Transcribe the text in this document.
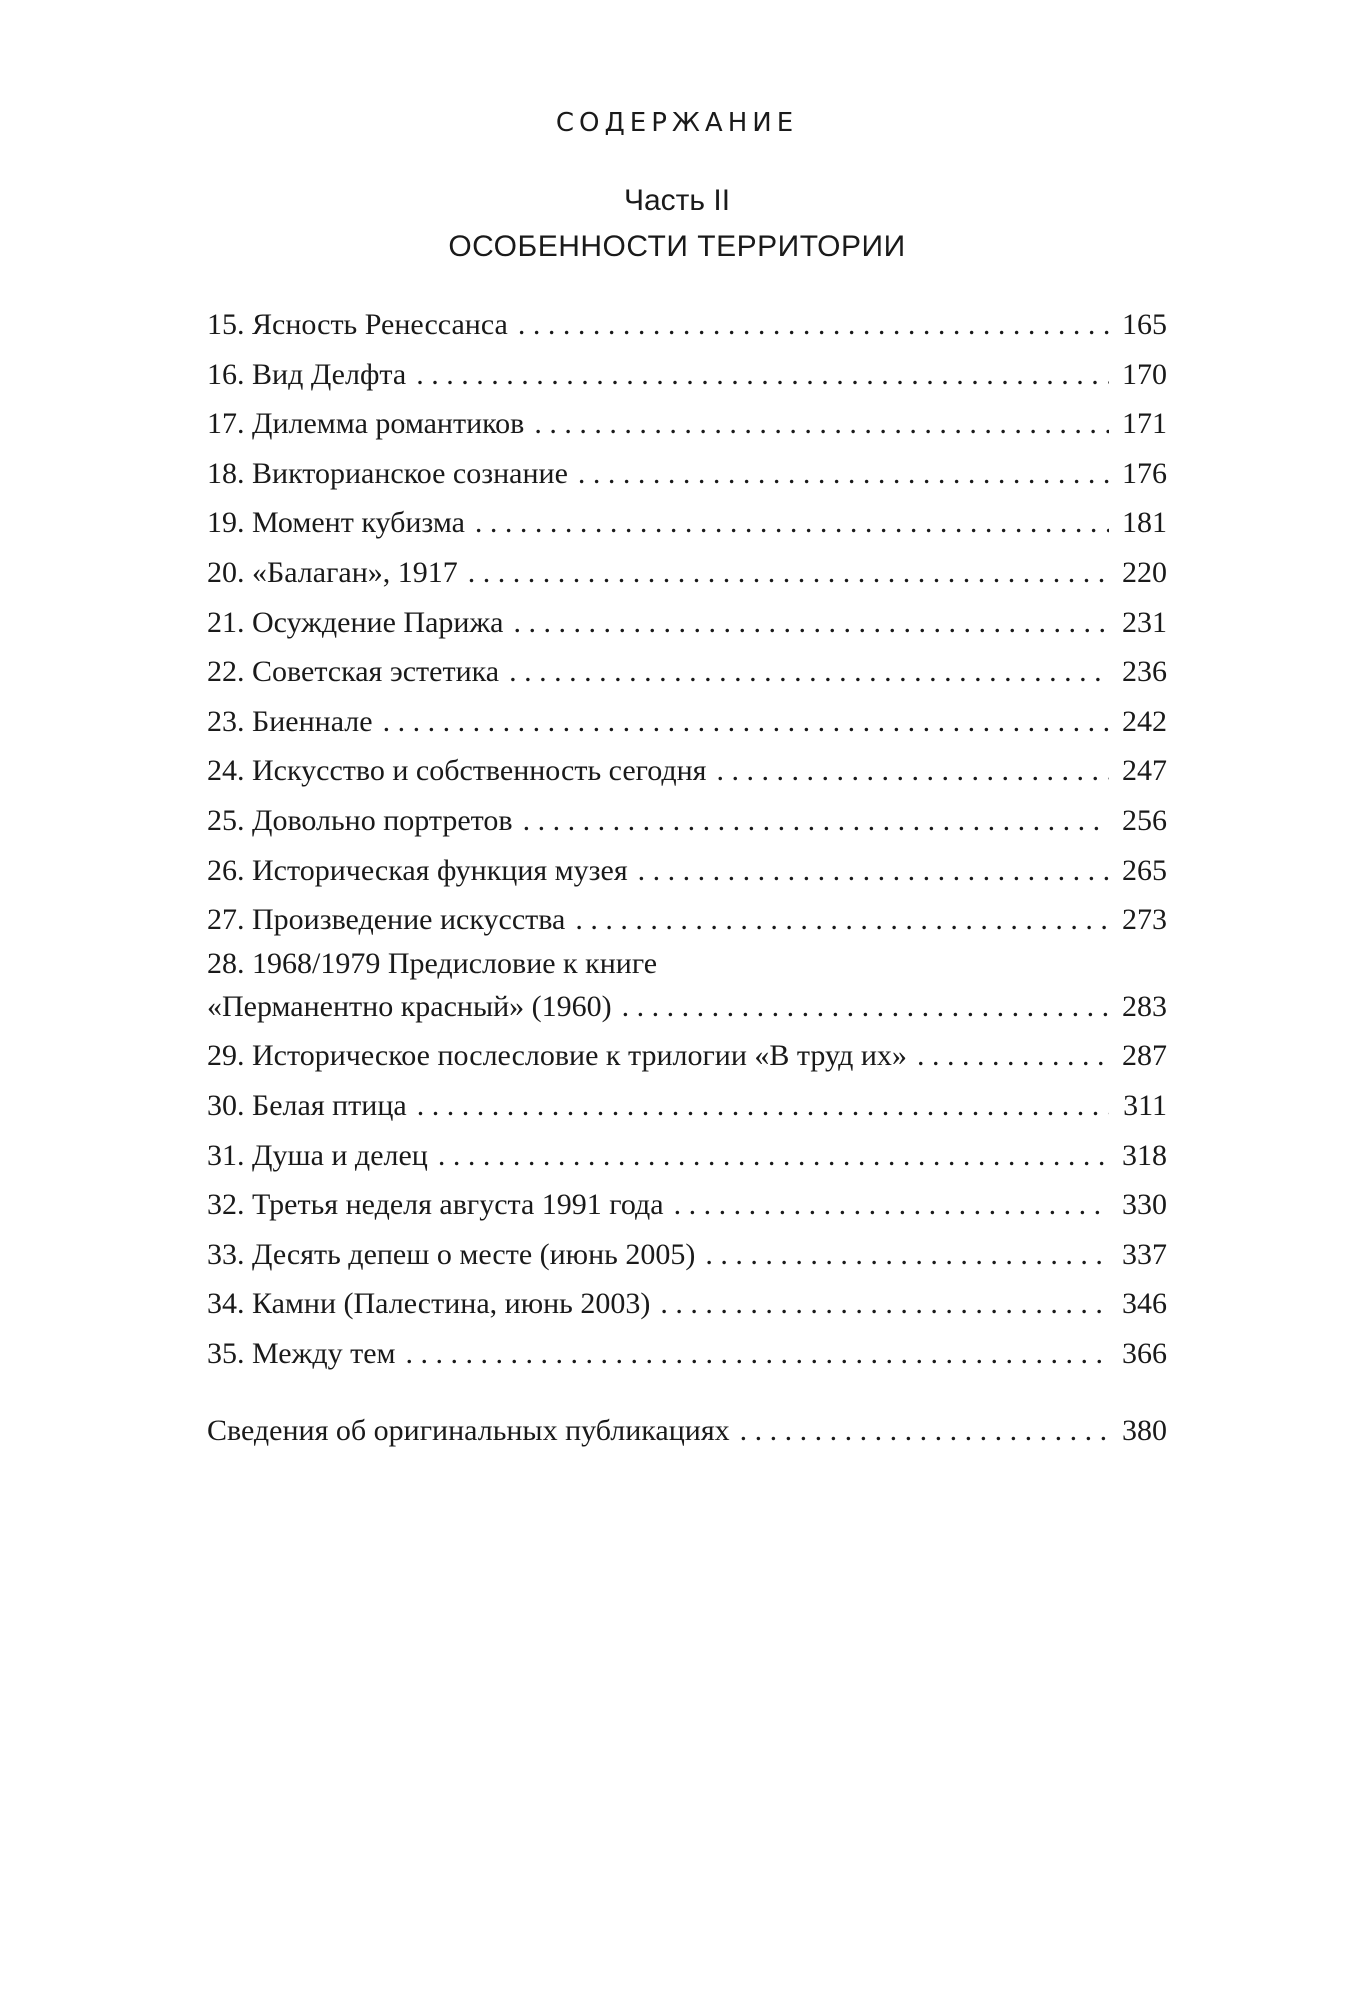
СОДЕРЖАНИЕ
Часть II
ОСОБЕННОСТИ ТЕРРИТОРИИ
15. Ясность Ренессанса . . .	165
16. Вид Делфта . . .	170
17. Дилемма романтиков . . .	171
18. Викторианское сознание . . .	176
19. Момент кубизма . . .	181
20. «Балаган», 1917 . . .	220
21. Осуждение Парижа . . .	231
22. Советская эстетика . . .	236
23. Биеннале . . .	242
24. Искусство и собственность сегодня . . .	247
25. Довольно портретов . . .	256
26. Историческая функция музея . . .	265
27. Произведение искусства . . .	273
28. 1968/1979 Предисловие к книге
«Перманентно красный» (1960) . . .	283
29. Историческое послесловие к трилогии «В труд их» . . .	287
30. Белая птица . . .	311
31. Душа и делец . . .	318
32. Третья неделя августа 1991 года . . .	330
33. Десять депеш о месте (июнь 2005) . . .	337
34. Камни (Палестина, июнь 2003) . . .	346
35. Между тем . . .	366
Сведения об оригинальных публикациях . . .	380
